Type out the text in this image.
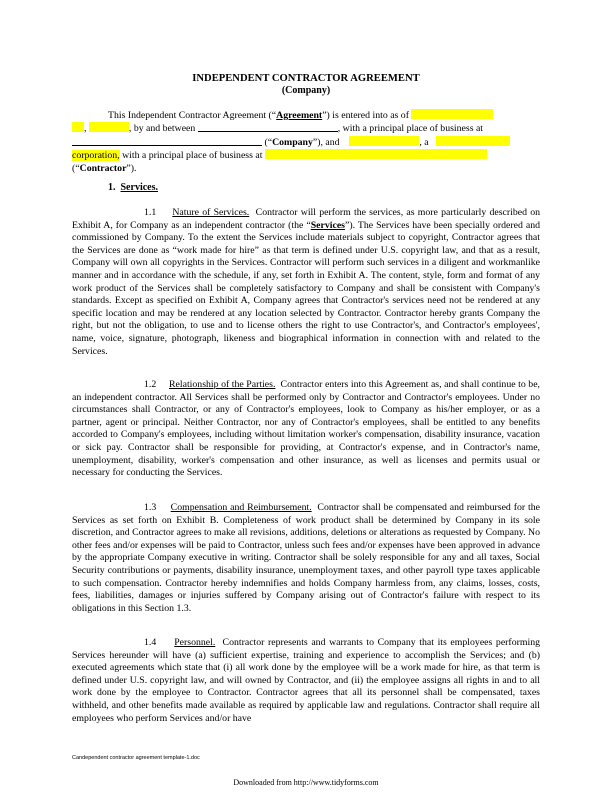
INDEPENDENT CONTRACTOR AGREEMENT
(Company)
This Independent Contractor Agreement (“Agreement”) is entered into as of
,	, by and between	, with a principal place of business at
(“Company”), and	, a
corporation, with a principal place of business at
(“Contractor”).
1. Services.
1.1 Nature of Services. Contractor will perform the services, as more particularly described on Exhibit A, for Company as an independent contractor (the “Services”). The Services have been specially ordered and commissioned by Company. To the extent the Services include materials subject to copyright, Contractor agrees that the Services are done as “work made for hire” as that term is defined under U.S. copyright law, and that as a result, Company will own all copyrights in the Services. Contractor will perform such services in a diligent and workmanlike manner and in accordance with the schedule, if any, set forth in Exhibit A. The content, style, form and format of any work product of the Services shall be completely satisfactory to Company and shall be consistent with Company's standards. Except as specified on Exhibit A, Company agrees that Contractor's services need not be rendered at any specific location and may be rendered at any location selected by Contractor. Contractor hereby grants Company the right, but not the obligation, to use and to license others the right to use Contractor's, and Contractor's employees', name, voice, signature, photograph, likeness and biographical information in connection with and related to the Services.
1.2 Relationship of the Parties. Contractor enters into this Agreement as, and shall continue to be, an independent contractor. All Services shall be performed only by Contractor and Contractor's employees. Under no circumstances shall Contractor, or any of Contractor's employees, look to Company as his/her employer, or as a partner, agent or principal. Neither Contractor, nor any of Contractor's employees, shall be entitled to any benefits accorded to Company's employees, including without limitation worker's compensation, disability insurance, vacation or sick pay. Contractor shall be responsible for providing, at Contractor's expense, and in Contractor's name, unemployment, disability, worker's compensation and other insurance, as well as licenses and permits usual or necessary for conducting the Services.
1.3 Compensation and Reimbursement. Contractor shall be compensated and reimbursed for the Services as set forth on Exhibit B. Completeness of work product shall be determined by Company in its sole discretion, and Contractor agrees to make all revisions, additions, deletions or alterations as requested by Company. No other fees and/or expenses will be paid to Contractor, unless such fees and/or expenses have been approved in advance by the appropriate Company executive in writing. Contractor shall be solely responsible for any and all taxes, Social Security contributions or payments, disability insurance, unemployment taxes, and other payroll type taxes applicable to such compensation. Contractor hereby indemnifies and holds Company harmless from, any claims, losses, costs, fees, liabilities, damages or injuries suffered by Company arising out of Contractor's failure with respect to its obligations in this Section 1.3.
1.4 Personnel. Contractor represents and warrants to Company that its employees performing Services hereunder will have (a) sufficient expertise, training and experience to accomplish the Services; and (b) executed agreements which state that (i) all work done by the employee will be a work made for hire, as that term is defined under U.S. copyright law, and will owned by Contractor, and (ii) the employee assigns all rights in and to all work done by the employee to Contractor. Contractor agrees that all its personnel shall be compensated, taxes withheld, and other benefits made available as required by applicable law and regulations. Contractor shall require all employees who perform Services and/or have
Candependent contractor agreement template-1.doc
Downloaded from http://www.tidyforms.com
